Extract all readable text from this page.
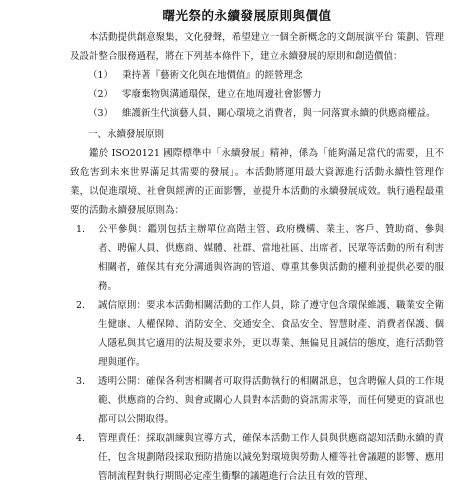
曙光祭的永續發展原則與價值

本活動提供創意聚集，文化發聲，希望建立一個全新概念的文創展演平台 策劃、管理及設計整合服務過程，將在下列基本條件下，建立永續發展的原則和創造價值：

（1） 秉持著『藝術文化與在地價值』的經營理念
（2） 零廢棄物與溝通環保，建立在地周邊社會影響力
（3） 維護新生代演藝人員、關心環境之消費者，與一同落實永續的供應商權益。

一、永續發展原則

鑑於 ISO20121 國際標準中「永續發展」精神，係為「能夠滿足當代的需要，且不致危害到未來世界滿足其需要的發展」。本活動將運用最大資源進行活動永續性管理作業，以促進環境、社會與經濟的正面影響，並提升本活動的永續發展成效。執行過程最重要的活動永續發展原則為：

1.	公平參與：鑑別包括主辦單位高階主管、政府機構、業主、客戶、贊助商、參與者、聘僱人員、供應商、媒體、社群、當地社區、出席者、民眾等活動的所有利害相關者，確保其有充分溝通與咨詢的管道、尊重其參與活動的權利並提供必要的服務。
2.	誠信原則：要求本活動相關活動的工作人員，除了遵守包含環保維護、職業安全衛生健康、人權保障、消防安全、交通安全、食品安全、智慧財產、消費者保護、個人隱私與其它適用的法規及要求外，更以專業、無偏見且誠信的態度，進行活動管理與運作。
3.	透明公開：確保各利害相關者可取得活動執行的相關訊息，包含聘僱人員的工作規範、供應商的合約、與會或關心人員對本活動的資訊需求等，而任何變更的資訊也都可以公開取得。
4.	管理責任：採取訓練與宣導方式，確保本活動工作人員與供應商認知活動永續的責任，包含規劃階段採取預防措施以減免對環境與勞動人權等社會議題的影響、應用管制流程對執行期間必定產生衝擊的議題進行合法且有效的管理、
